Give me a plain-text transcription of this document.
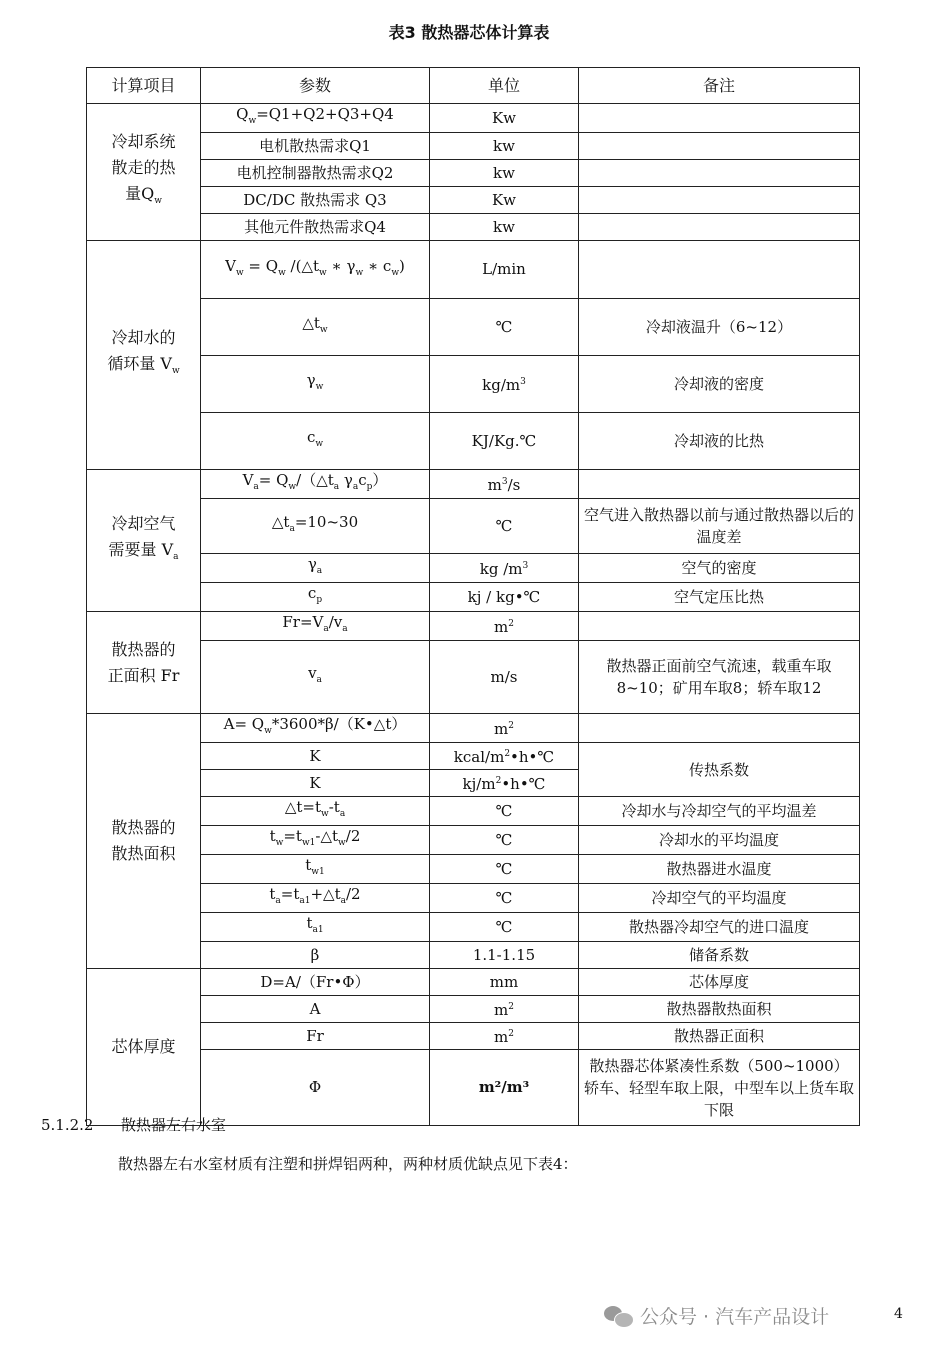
表3 散热器芯体计算表
计算项目	参数	单位	备注
冷却系统
散走的热
量$Q_w$	$Q_w=Q1+Q2+Q3+Q4$	Kw	
	电机散热需求Q1	kw	
	电机控制器散热需求Q2	kw	
	DC/DC 散热需求 Q3	Kw	
	其他元件散热需求Q4	kw	
冷却水的
循环量 $V_w$	$V_w = Q_w$ $/(\triangle t_w$ ∗ $\gamma_w$ ∗ $c_w$)	L/min	
	$\triangle t_w$	℃	冷却液温升（6~12）
	$\gamma_w$	$kg/m^3$	冷却液的密度
	$c_w$	KJ/Kg.℃	冷却液的比热
冷却空气
需要量 $V_a$	$V_a=$ $Q_w/(\triangle t_a$ $\gamma_ac_p$）	$m^3/s$	
	$\triangle t_a=10\sim 30$	℃	空气进入散热器以前与通过散热器以后的温度差
	$\gamma_a$	kg $/m^3$	空气的密度
	$c_p$	kj / kg•℃	空气定压比热
散热器的
正面积 Fr	$Fr=V_a/v_a$	$m^2$	
	$v_a$	m/s	散热器正面前空气流速，载重车取8~10；矿用车取8；轿车取12
散热器的
散热面积	$A= Q_w*3600*\beta/(K•\triangle t)$	$m^2$	
	K	kcal/$m^2•h•℃$	传热系数
	K	$kj/m^2•h•℃$	
	$\triangle t=t_w-t_a$	℃	冷却水与冷却空气的平均温差
	$t_w=t_{w1}-\triangle t_w/2$	℃	冷却水的平均温度
	$t_{w1}$	℃	散热器进水温度
	$t_a=t_{a1}+\triangle t_a/2$	℃	冷却空气的平均温度
	$t_{a1}$	℃	散热器冷却空气的进口温度
	β	1.1-1.15	储备系数
芯体厚度	D=A/（Fr•Φ）	mm	芯体厚度
	A	$m^2$	散热器散热面积
	Fr	$m^2$	散热器正面积
	Φ	m²/m³	散热器芯体紧凑性系数（500~1000）轿车、轻型车取上限，中型车以上货车取下限
5.1.2.2 散热器左右水室
散热器左右水室材质有注塑和拼焊铝两种，两种材质优缺点见下表4：
公众号 · 汽车产品设计	4
